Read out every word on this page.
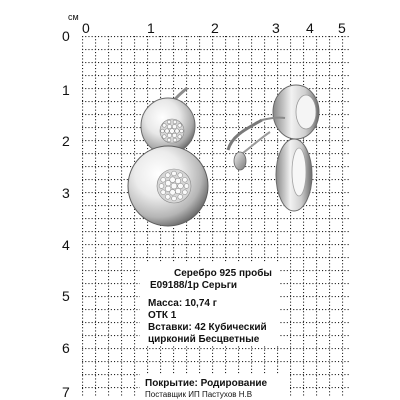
см
0	1	2	3 4 5
0
1
2
3
4
5
6
7

Серебро 925 пробы

E09188/1р Серьги

Масса: 10,74 г

ОТК 1

Вставки: 42 Кубический

цирконий Бесцветные

Покрытие: Родирование

Поставщик ИП Пастухов Н.В
